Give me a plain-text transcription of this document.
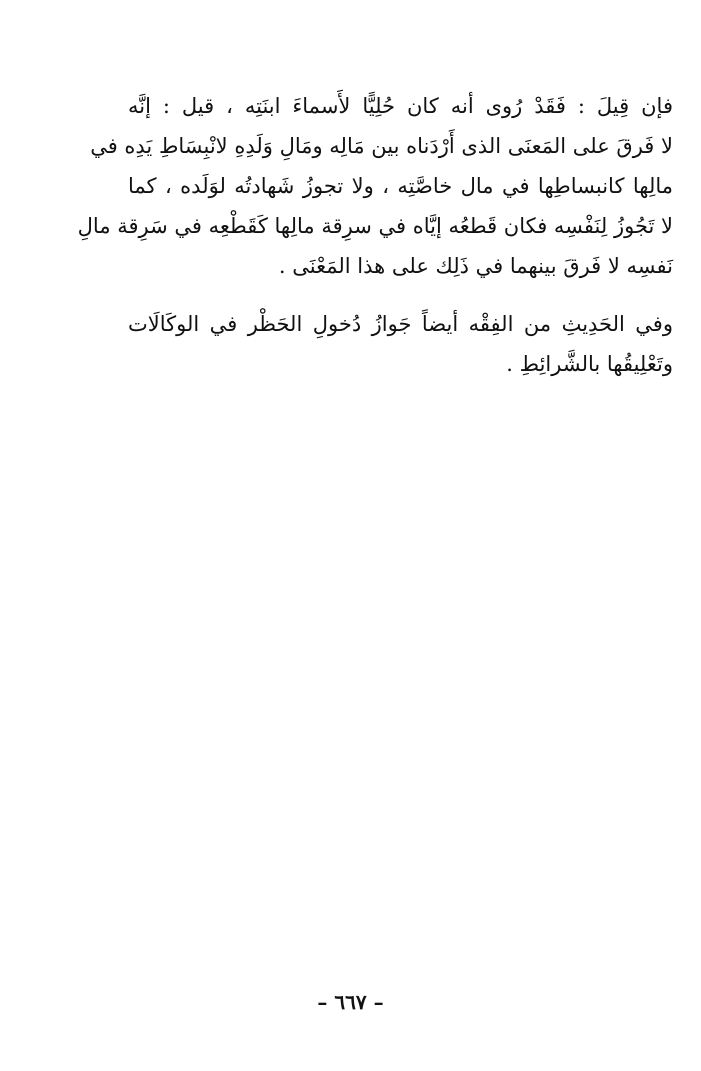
فإن قِيلَ : فَقَدْ رُوى أنه كان حُلِيًّا لأَسماءَ ابنَتِه ، قيل : إنَّه
لا فَرقَ على المَعنَى الذى أَرْدَناه بين مَالِه ومَالِ وَلَدِهِ لانْبِسَاطِ يَدِه في
مالِها كانبساطِها في مال خاصَّتِه ، ولا تجوزُ شَهادتُه لوَلَده ، كما
لا تَجُوزُ لِنَفْسِه فكان قَطعُه إيَّاه في سرِقة مالِها كَقَطْعِه في سَرِقة مالِ
نَفسِه لا فَرقَ بينهما في ذَلِك على هذا المَعْنَى .

وفي الحَدِيثِ من الفِقْه أيضاً جَوازُ دُخولِ الحَظْر في الوكَالَات
وتَعْلِيقُها بالشَّرائِطِ .

– ٦٦٧ –
